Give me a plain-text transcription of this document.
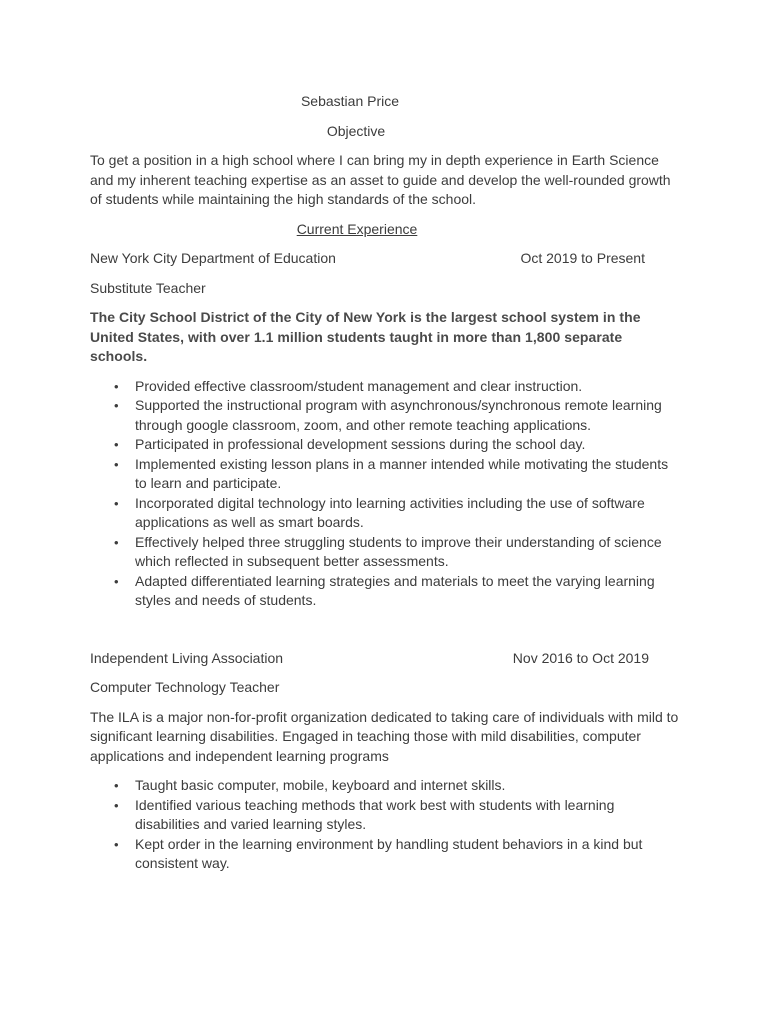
Sebastian Price
Objective
To get a position in a high school where I can bring my in depth experience in Earth Science and my inherent teaching expertise as an asset to guide and develop the well-rounded growth of students while maintaining the high standards of the school.
Current Experience
New York City Department of Education	Oct 2019 to Present
Substitute Teacher
The City School District of the City of New York is the largest school system in the United States, with over 1.1 million students taught in more than 1,800 separate schools.
• Provided effective classroom/student management and clear instruction.
• Supported the instructional program with asynchronous/synchronous remote learning through google classroom, zoom, and other remote teaching applications.
• Participated in professional development sessions during the school day.
• Implemented existing lesson plans in a manner intended while motivating the students to learn and participate.
• Incorporated digital technology into learning activities including the use of software applications as well as smart boards.
• Effectively helped three struggling students to improve their understanding of science which reflected in subsequent better assessments.
• Adapted differentiated learning strategies and materials to meet the varying learning styles and needs of students.
Independent Living Association	Nov 2016 to Oct 2019
Computer Technology Teacher
The ILA is a major non-for-profit organization dedicated to taking care of individuals with mild to significant learning disabilities. Engaged in teaching those with mild disabilities, computer applications and independent learning programs
• Taught basic computer, mobile, keyboard and internet skills.
• Identified various teaching methods that work best with students with learning disabilities and varied learning styles.
• Kept order in the learning environment by handling student behaviors in a kind but consistent way.
